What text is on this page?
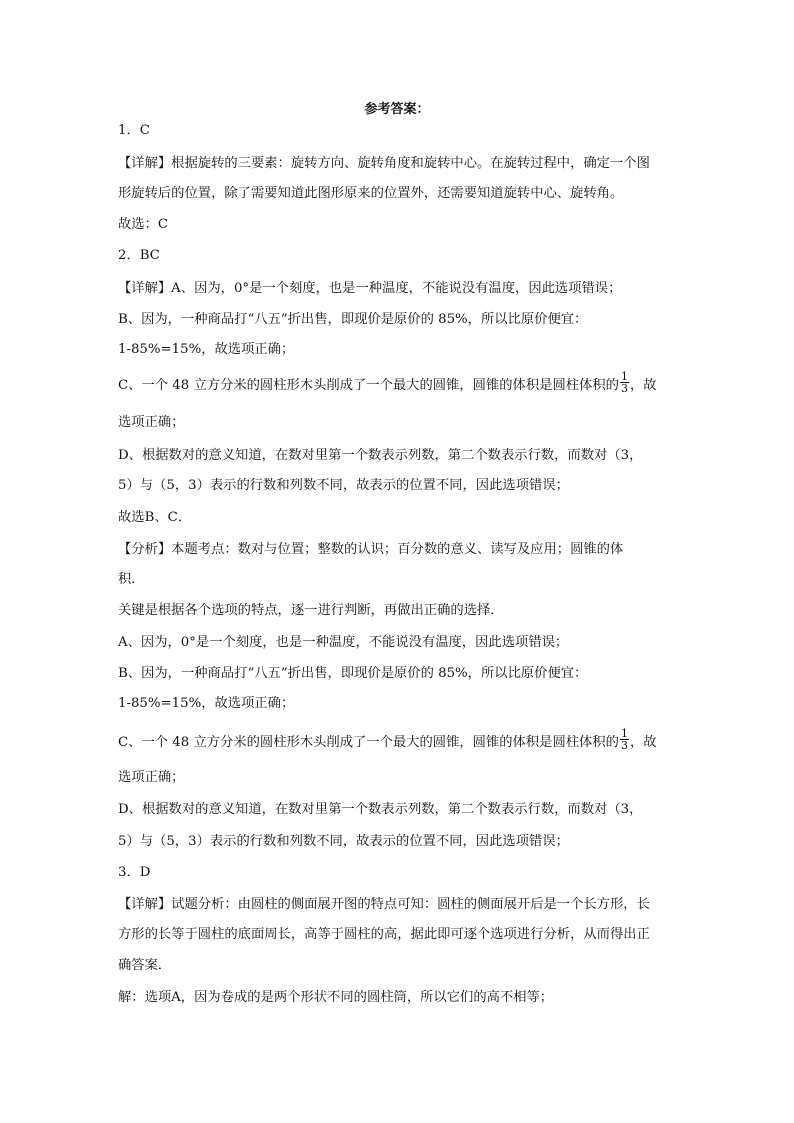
参考答案：
1．C
【详解】根据旋转的三要素：旋转方向、旋转角度和旋转中心。在旋转过程中，确定一个图
形旋转后的位置，除了需要知道此图形原来的位置外，还需要知道旋转中心、旋转角。
故选：C
2．BC
【详解】A、因为，0°是一个刻度，也是一种温度，不能说没有温度，因此选项错误；
B、因为，一种商品打“八五”折出售，即现价是原价的 85%，所以比原价便宜：
1-85%=15%，故选项正确；
C、一个 48 立方分米的圆柱形木头削成了一个最大的圆锥，圆锥的体积是圆柱体积的 $\frac{1}{3}$ ，故
选项正确；
D、根据数对的意义知道，在数对里第一个数表示列数，第二个数表示行数，而数对（3，
5）与（5，3）表示的行数和列数不同，故表示的位置不同，因此选项错误；
故选B、C．
【分析】本题考点：数对与位置；整数的认识；百分数的意义、读写及应用；圆锥的体
积．
关键是根据各个选项的特点，逐一进行判断，再做出正确的选择．
A、因为，0°是一个刻度，也是一种温度，不能说没有温度，因此选项错误；
B、因为，一种商品打“八五”折出售，即现价是原价的 85%，所以比原价便宜：
1-85%=15%，故选项正确；
C、一个 48 立方分米的圆柱形木头削成了一个最大的圆锥，圆锥的体积是圆柱体积的 $\frac{1}{3}$ ，故
选项正确；
D、根据数对的意义知道，在数对里第一个数表示列数，第二个数表示行数，而数对（3，
5）与（5，3）表示的行数和列数不同，故表示的位置不同，因此选项错误；
3．D
【详解】试题分析：由圆柱的侧面展开图的特点可知：圆柱的侧面展开后是一个长方形，长
方形的长等于圆柱的底面周长，高等于圆柱的高，据此即可逐个选项进行分析，从而得出正
确答案．
解：选项A，因为卷成的是两个形状不同的圆柱筒，所以它们的高不相等；
